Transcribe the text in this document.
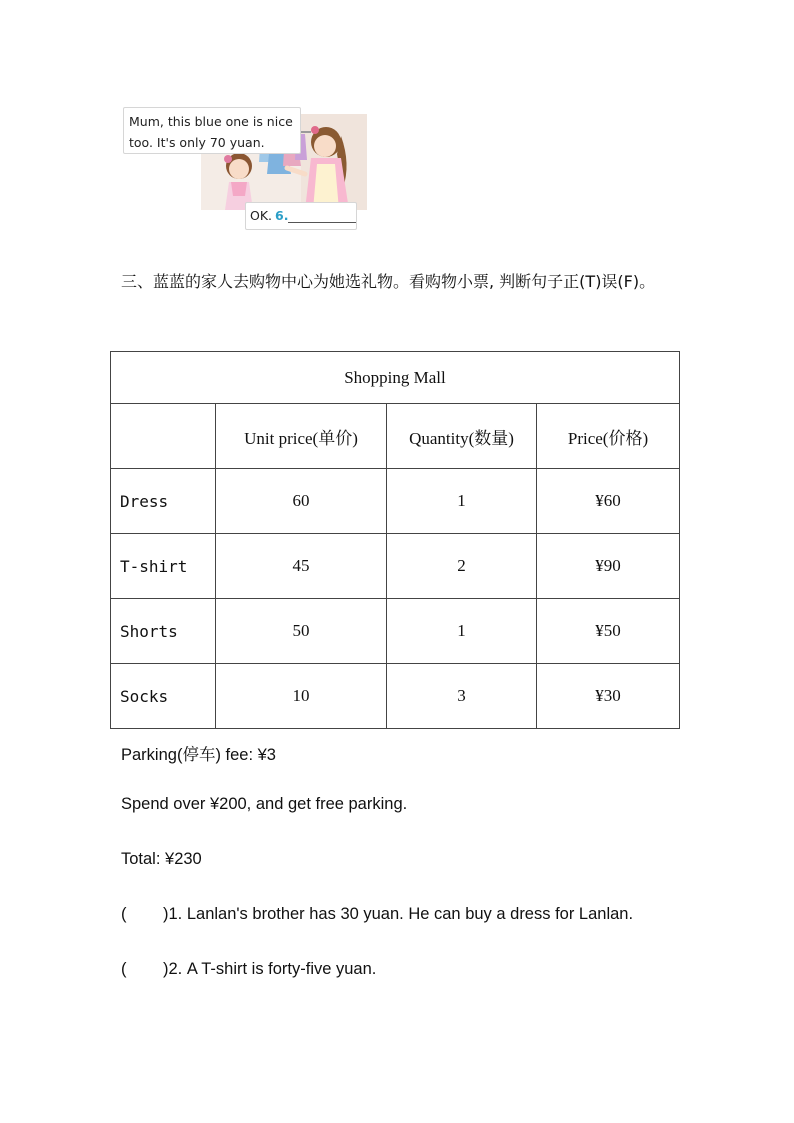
Mum, this blue one is nice
too. It's only 70 yuan.
OK. 6.
三、蓝蓝的家人去购物中心为她选礼物。看购物小票, 判断句子正(T)误(F)。
Shopping Mall			
	Unit price(单价)	Quantity(数量)	Price(价格)
Dress	60	1	¥60
T-shirt	45	2	¥90
Shorts	50	1	¥50
Socks	10	3	¥30
Parking(停车) fee: ¥3
Spend over ¥200, and get free parking.
Total: ¥230
( )1. Lanlan's brother has 30 yuan. He can buy a dress for Lanlan.
( )2. A T-shirt is forty-five yuan.
